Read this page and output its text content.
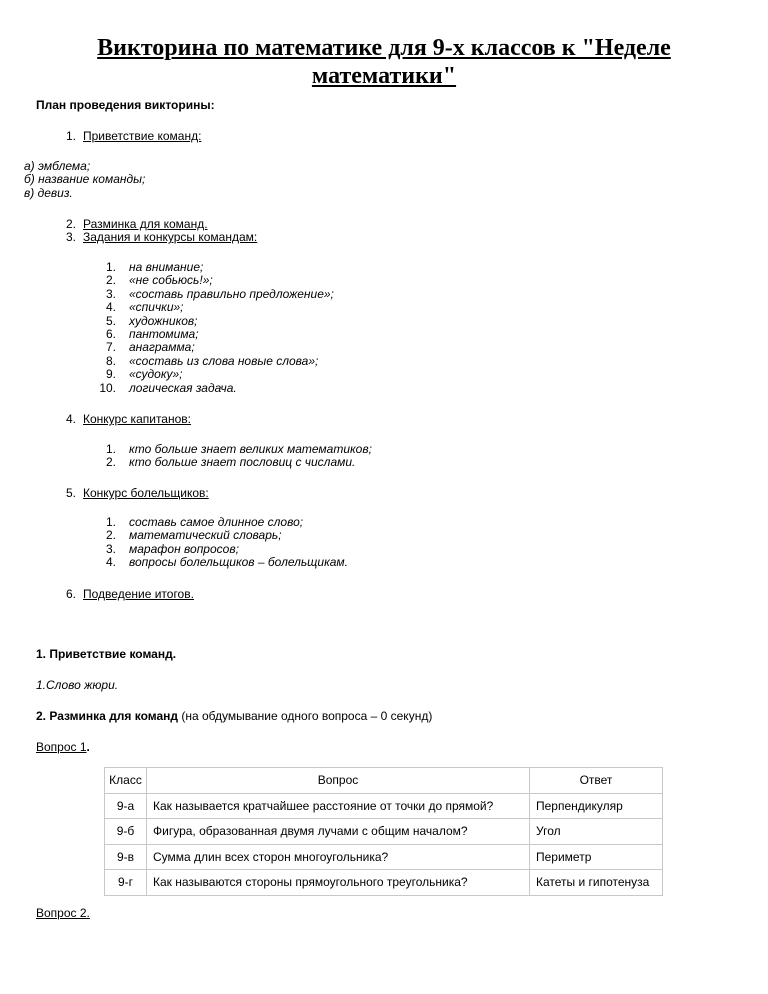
Викторина по математике для 9-х классов к "Неделе математики"
План проведения викторины:
1. Приветствие команд:
а) эмблема;
б) название команды;
в) девиз.
2. Разминка для команд.
3. Задания и конкурсы командам:
1. на внимание;
2. «не собьюсь!»;
3. «составь правильно предложение»;
4. «спички»;
5. художников;
6. пантомима;
7. анаграмма;
8. «составь из слова новые слова»;
9. «судоку»;
10. логическая задача.
4. Конкурс капитанов:
1. кто больше знает великих математиков;
2. кто больше знает пословиц с числами.
5. Конкурс болельщиков:
1. составь самое длинное слово;
2. математический словарь;
3. марафон вопросов;
4. вопросы болельщиков – болельщикам.
6. Подведение итогов.
1. Приветствие команд.
1.Слово жюри.
2. Разминка для команд (на обдумывание одного вопроса – 0 секунд)
Вопрос 1.
Класс	Вопрос	Ответ
9-а	Как называется кратчайшее расстояние от точки до прямой?	Перпендикуляр
9-б	Фигура, образованная двумя лучами с общим началом?	Угол
9-в	Сумма длин всех сторон многоугольника?	Периметр
9-г	Как называются стороны прямоугольного треугольника?	Катеты и гипотенуза
Вопрос 2.
